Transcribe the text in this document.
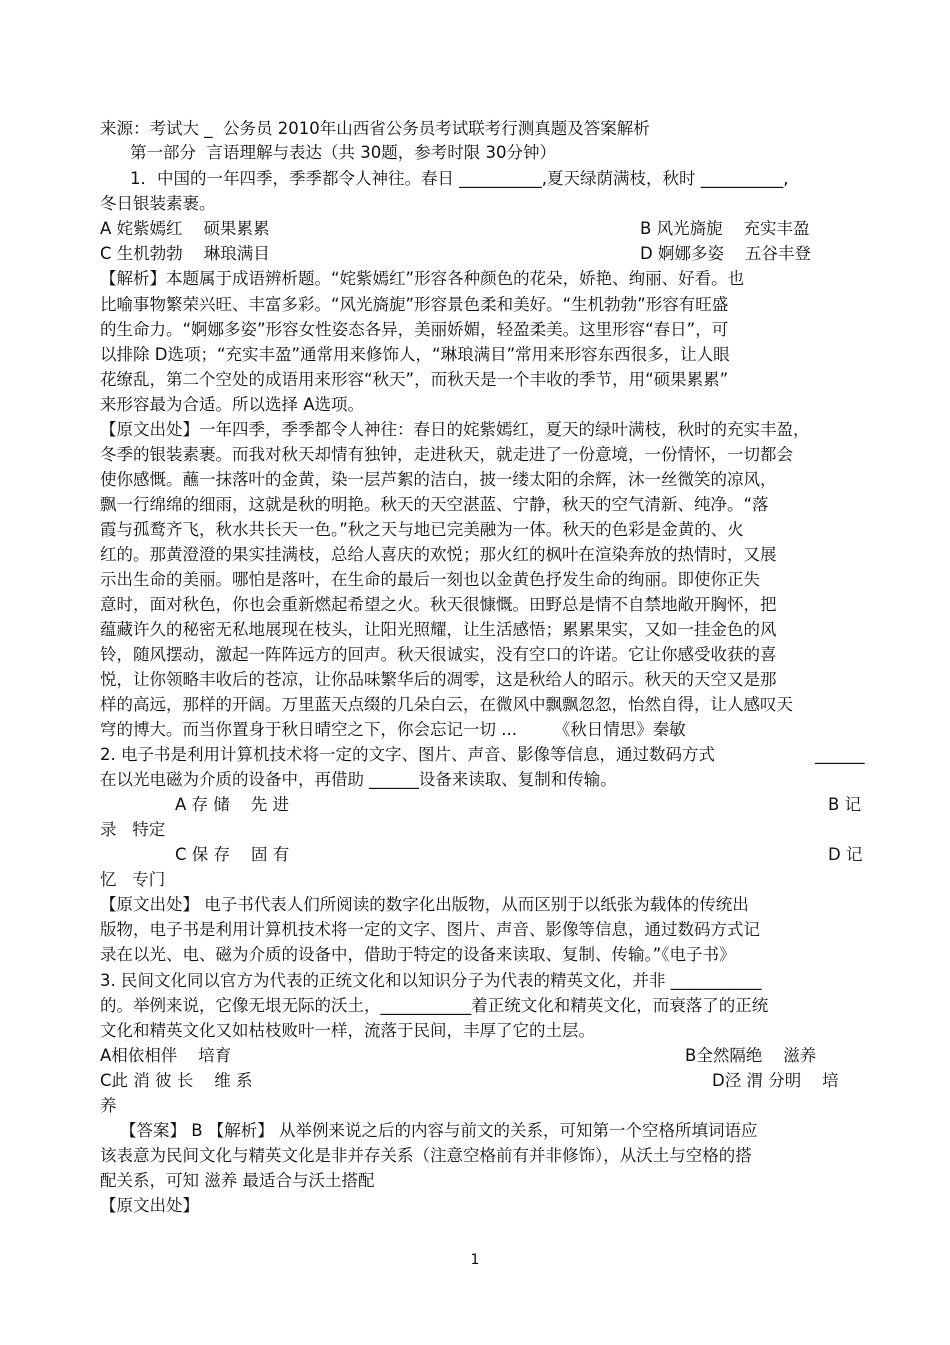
来源：考试大 _  公务员 2010年山西省公务员考试联考行测真题及答案解析
第一部分  言语理解与表达（共 30题，参考时限 30分钟）
1．中国的一年四季，季季都令人神往。春日 __________,夏天绿荫满枝，秋时 __________,
冬日银装素裹。
A 姹紫嫣红    硕果累累	B 风光旖旎    充实丰盈
C 生机勃勃    琳琅满目	D 婀娜多姿    五谷丰登
【解析】本题属于成语辨析题。“姹紫嫣红”形容各种颜色的花朵，娇艳、绚丽、好看。也
比喻事物繁荣兴旺、丰富多彩。“风光旖旎”形容景色柔和美好。“生机勃勃”形容有旺盛
的生命力。“婀娜多姿”形容女性姿态各异，美丽娇媚，轻盈柔美。这里形容“春日”，可
以排除 D选项；“充实丰盈”通常用来修饰人，“琳琅满目”常用来形容东西很多，让人眼
花缭乱，第二个空处的成语用来形容“秋天”，而秋天是一个丰收的季节，用“硕果累累”
来形容最为合适。所以选择 A选项。
【原文出处】一年四季，季季都令人神往：春日的姹紫嫣红，夏天的绿叶满枝，秋时的充实丰盈，
冬季的银装素裹。而我对秋天却情有独钟，走进秋天，就走进了一份意境，一份情怀，一切都会
使你感慨。蘸一抹落叶的金黄，染一层芦絮的洁白，披一缕太阳的余辉，沐一丝微笑的凉风，
飘一行绵绵的细雨，这就是秋的明艳。秋天的天空湛蓝、宁静，秋天的空气清新、纯净。“落
霞与孤鹜齐飞，秋水共长天一色。”秋之天与地已完美融为一体。秋天的色彩是金黄的、火
红的。那黄澄澄的果实挂满枝，总给人喜庆的欢悦；那火红的枫叶在渲染奔放的热情时，又展
示出生命的美丽。哪怕是落叶，在生命的最后一刻也以金黄色抒发生命的绚丽。即使你正失
意时，面对秋色，你也会重新燃起希望之火。秋天很慷慨。田野总是情不自禁地敞开胸怀，把
蕴藏许久的秘密无私地展现在枝头，让阳光照耀，让生活感悟；累累果实，又如一挂金色的风
铃，随风摆动，激起一阵阵远方的回声。秋天很诚实，没有空口的许诺。它让你感受收获的喜
悦，让你领略丰收后的苍凉，让你品味繁华后的凋零，这是秋给人的昭示。秋天的天空又是那
样的高远，那样的开阔。万里蓝天点缀的几朵白云，在微风中飘飘忽忽，怡然自得，让人感叹天
穹的博大。而当你置身于秋日晴空之下，你会忘记一切 ...       《秋日情思》秦敏
2. 电子书是利用计算机技术将一定的文字、图片、声音、影像等信息，通过数码方式	______
在以光电磁为介质的设备中，再借助 ______设备来读取、复制和传输。
A 存 储    先 进	B 记
录   特定
C 保 存    固 有	D 记
忆   专门
【原文出处】 电子书代表人们所阅读的数字化出版物，从而区别于以纸张为载体的传统出
版物，电子书是利用计算机技术将一定的文字、图片、声音、影像等信息，通过数码方式记
录在以光、电、磁为介质的设备中，借助于特定的设备来读取、复制、传输。”《电子书》
3. 民间文化同以官方为代表的正统文化和以知识分子为代表的精英文化，并非 ___________
的。举例来说，它像无垠无际的沃土，___________着正统文化和精英文化，而衰落了的正统
文化和精英文化又如枯枝败叶一样，流落于民间，丰厚了它的土层。
A相依相伴    培育	B全然隔绝    滋养
C此 消 彼 长    维 系	D泾 渭 分明    培
养
【答案】 B 【解析】 从举例来说之后的内容与前文的关系，可知第一个空格所填词语应
该表意为民间文化与精英文化是非并存关系（注意空格前有并非修饰），从沃土与空格的搭
配关系，可知 滋养 最适合与沃土搭配
【原文出处】
1
